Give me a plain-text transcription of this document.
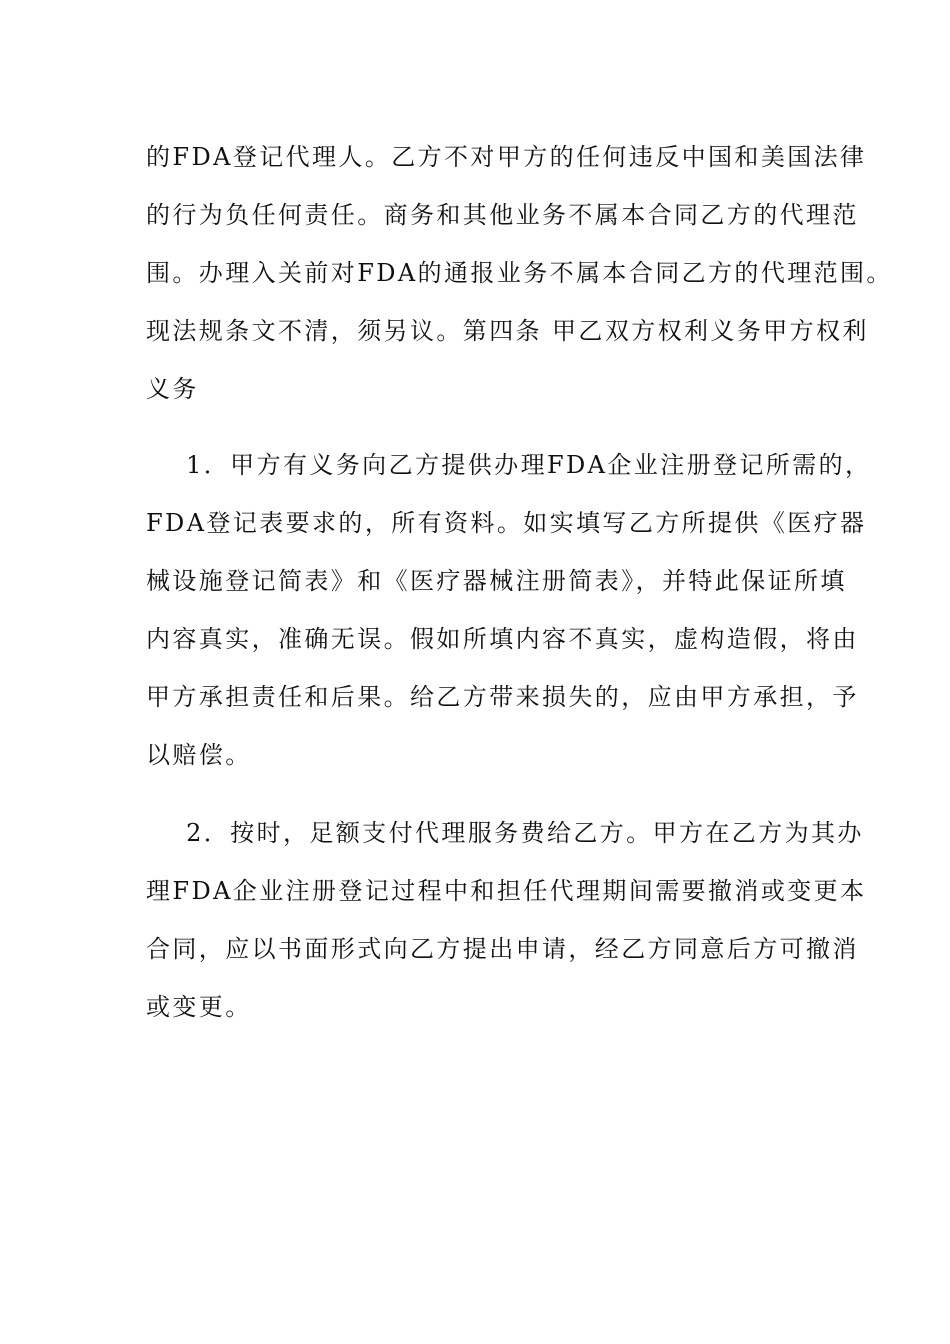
的FDA登记代理人。乙方不对甲方的任何违反中国和美国法律
的行为负任何责任。商务和其他业务不属本合同乙方的代理范
围。办理入关前对FDA的通报业务不属本合同乙方的代理范围。
现法规条文不清，须另议。第四条 甲乙双方权利义务甲方权利
义务
1．甲方有义务向乙方提供办理FDA企业注册登记所需的，
FDA登记表要求的，所有资料。如实填写乙方所提供《医疗器
械设施登记简表》和《医疗器械注册简表》，并特此保证所填
内容真实，准确无误。假如所填内容不真实，虚构造假，将由
甲方承担责任和后果。给乙方带来损失的，应由甲方承担，予
以赔偿。
2．按时，足额支付代理服务费给乙方。甲方在乙方为其办
理FDA企业注册登记过程中和担任代理期间需要撤消或变更本
合同，应以书面形式向乙方提出申请，经乙方同意后方可撤消
或变更。
